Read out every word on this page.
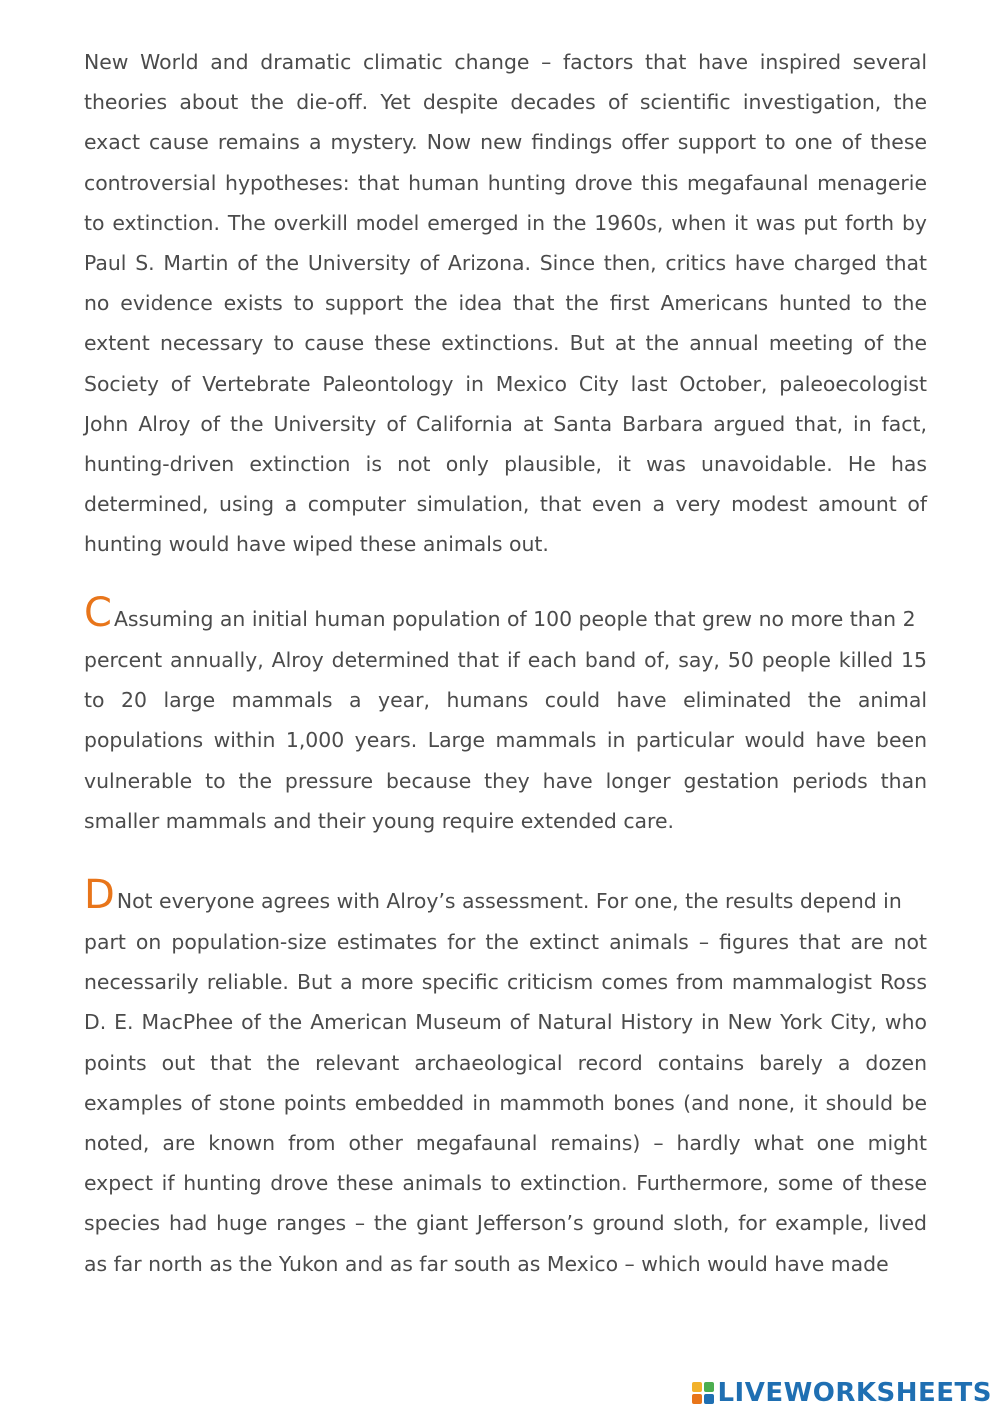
New World and dramatic climatic change – factors that have inspired several theories about the die-off. Yet despite decades of scientific investigation, the exact cause remains a mystery. Now new findings offer support to one of these controversial hypotheses: that human hunting drove this megafaunal menagerie to extinction. The overkill model emerged in the 1960s, when it was put forth by Paul S. Martin of the University of Arizona. Since then, critics have charged that no evidence exists to support the idea that the first Americans hunted to the extent necessary to cause these extinctions. But at the annual meeting of the Society of Vertebrate Paleontology in Mexico City last October, paleoecologist John Alroy of the University of California at Santa Barbara argued that, in fact, hunting-driven extinction is not only plausible, it was unavoidable. He has determined, using a computer simulation, that even a very modest amount of hunting would have wiped these animals out.

CAssuming an initial human population of 100 people that grew no more than 2
percent annually, Alroy determined that if each band of, say, 50 people killed 15 to 20 large mammals a year, humans could have eliminated the animal populations within 1,000 years. Large mammals in particular would have been vulnerable to the pressure because they have longer gestation periods than smaller mammals and their young require extended care.
DNot everyone agrees with Alroy’s assessment. For one, the results depend in
part on population-size estimates for the extinct animals – figures that are not necessarily reliable. But a more specific criticism comes from mammalogist Ross D. E. MacPhee of the American Museum of Natural History in New York City, who points out that the relevant archaeological record contains barely a dozen examples of stone points embedded in mammoth bones (and none, it should be noted, are known from other megafaunal remains) – hardly what one might expect if hunting drove these animals to extinction. Furthermore, some of these species had huge ranges – the giant Jefferson’s ground sloth, for example, lived as far north as the Yukon and as far south as Mexico – which would have made
LIVEWORKSHEETS
